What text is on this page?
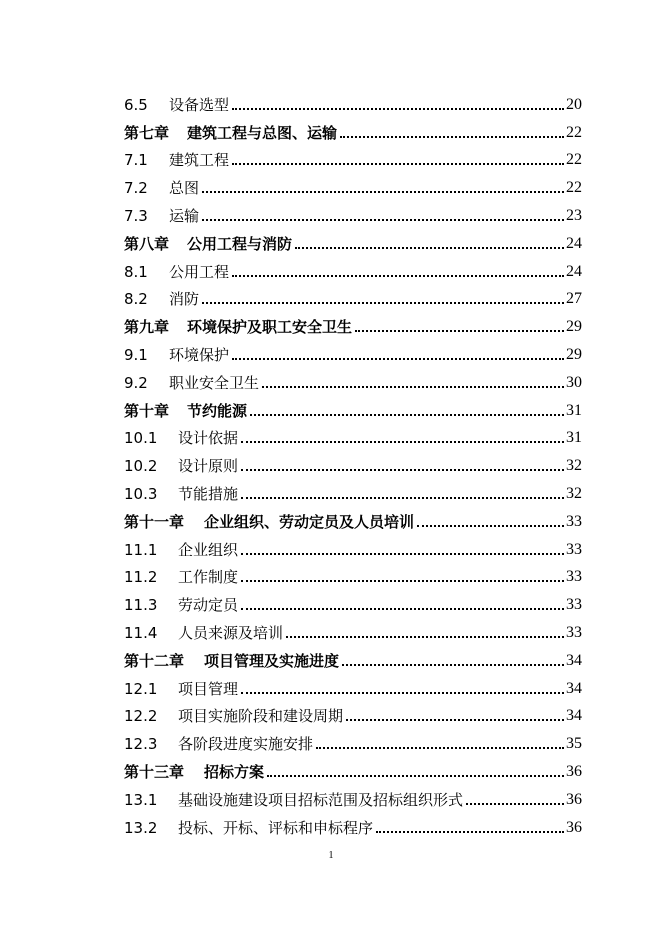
6.5	设备选型	20
第七章 建筑工程与总图、运输	22
7.1	建筑工程	22
7.2	总图	22
7.3	运输	23
第八章 公用工程与消防	24
8.1	公用工程	24
8.2	消防	27
第九章 环境保护及职工安全卫生	29
9.1	环境保护	29
9.2	职业安全卫生	30
第十章 节约能源	31
10.1	设计依据	31
10.2	设计原则	32
10.3	节能措施	32
第十一章 企业组织、劳动定员及人员培训	33
11.1	企业组织	33
11.2	工作制度	33
11.3	劳动定员	33
11.4	人员来源及培训	33
第十二章 项目管理及实施进度	34
12.1	项目管理	34
12.2	项目实施阶段和建设周期	34
12.3	各阶段进度实施安排	35
第十三章 招标方案	36
13.1	基础设施建设项目招标范围及招标组织形式	36
13.2	投标、开标、评标和申标程序	36
1
